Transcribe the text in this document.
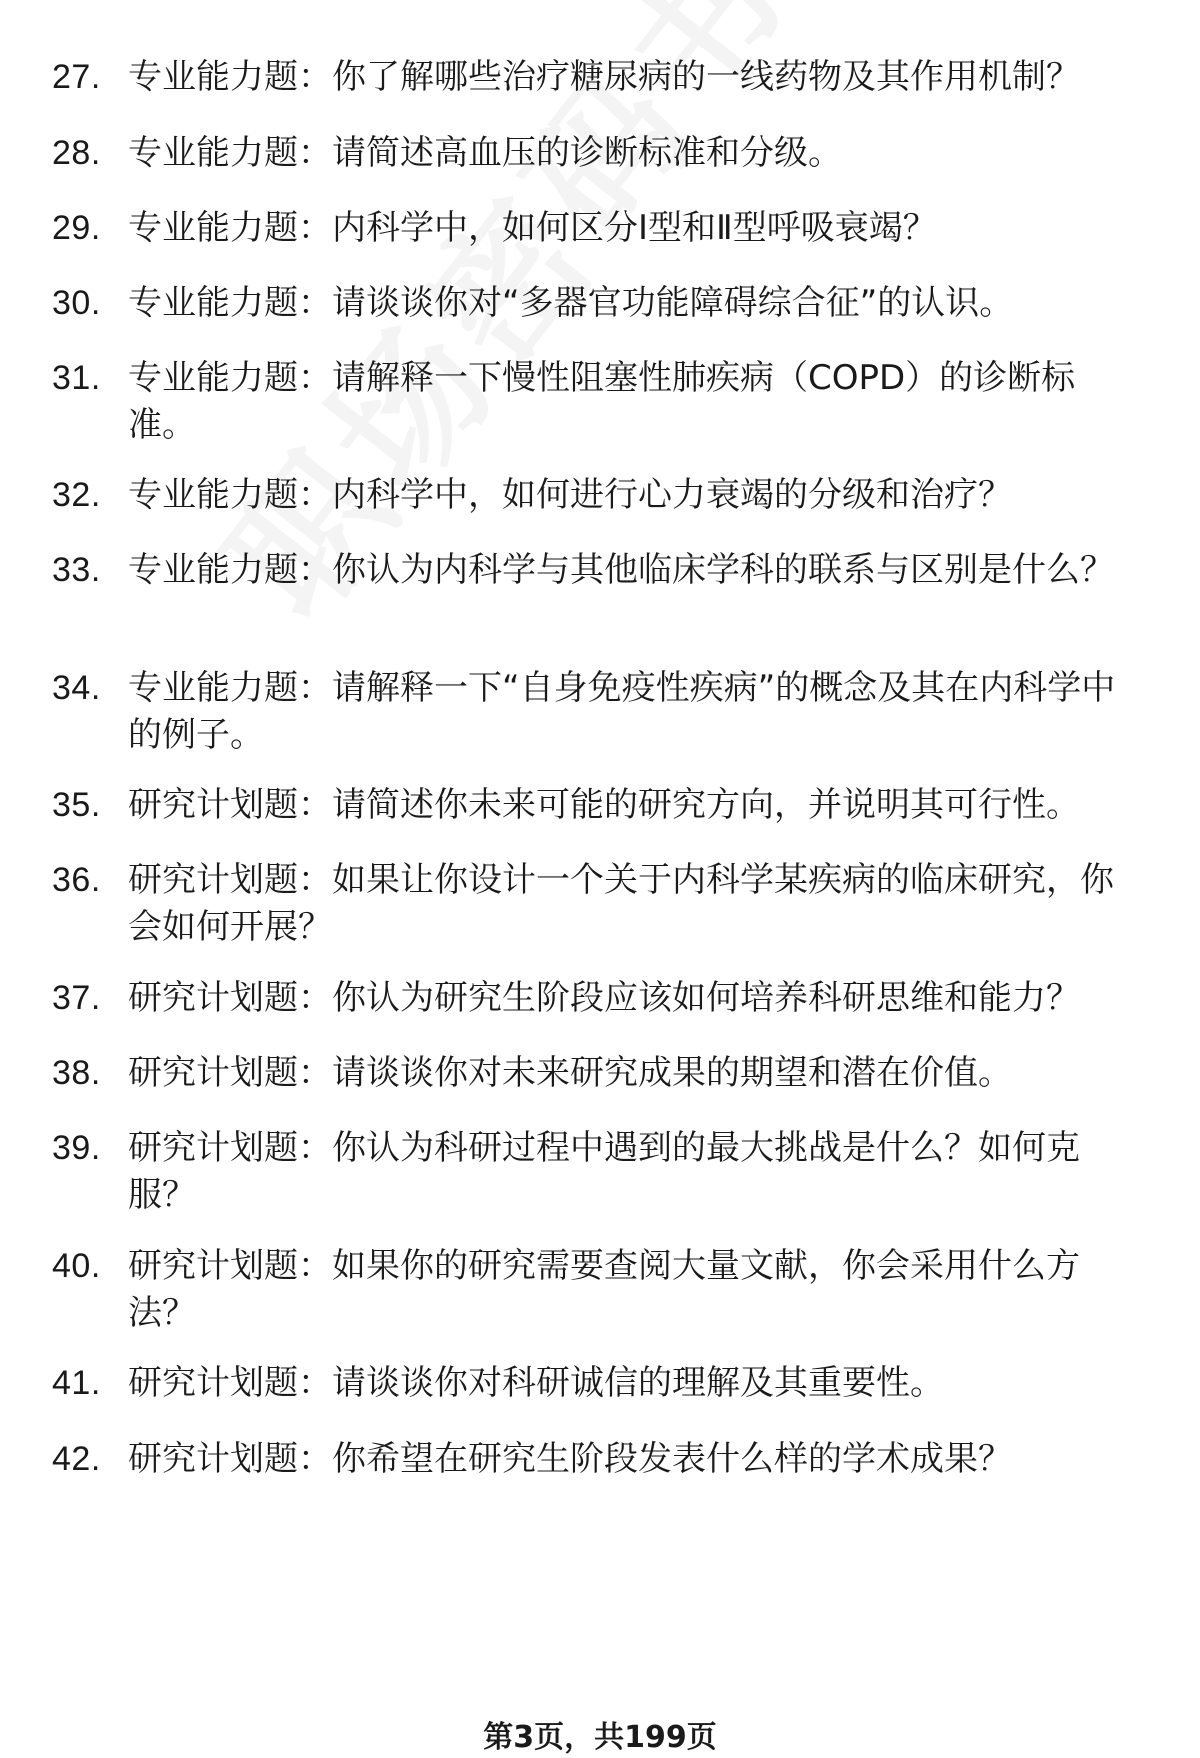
27. 专业能力题：你了解哪些治疗糖尿病的一线药物及其作用机制？
28. 专业能力题：请简述高血压的诊断标准和分级。
29. 专业能力题：内科学中，如何区分Ⅰ型和Ⅱ型呼吸衰竭？
30. 专业能力题：请谈谈你对“多器官功能障碍综合征”的认识。
31. 专业能力题：请解释一下慢性阻塞性肺疾病（COPD）的诊断标准。
32. 专业能力题：内科学中，如何进行心力衰竭的分级和治疗？
33. 专业能力题：你认为内科学与其他临床学科的联系与区别是什么？
34. 专业能力题：请解释一下“自身免疫性疾病”的概念及其在内科学中的例子。
35. 研究计划题：请简述你未来可能的研究方向，并说明其可行性。
36. 研究计划题：如果让你设计一个关于内科学某疾病的临床研究，你会如何开展？
37. 研究计划题：你认为研究生阶段应该如何培养科研思维和能力？
38. 研究计划题：请谈谈你对未来研究成果的期望和潜在价值。
39. 研究计划题：你认为科研过程中遇到的最大挑战是什么？如何克服？
40. 研究计划题：如果你的研究需要查阅大量文献，你会采用什么方法？
41. 研究计划题：请谈谈你对科研诚信的理解及其重要性。
42. 研究计划题：你希望在研究生阶段发表什么样的学术成果？
第3页，共199页
